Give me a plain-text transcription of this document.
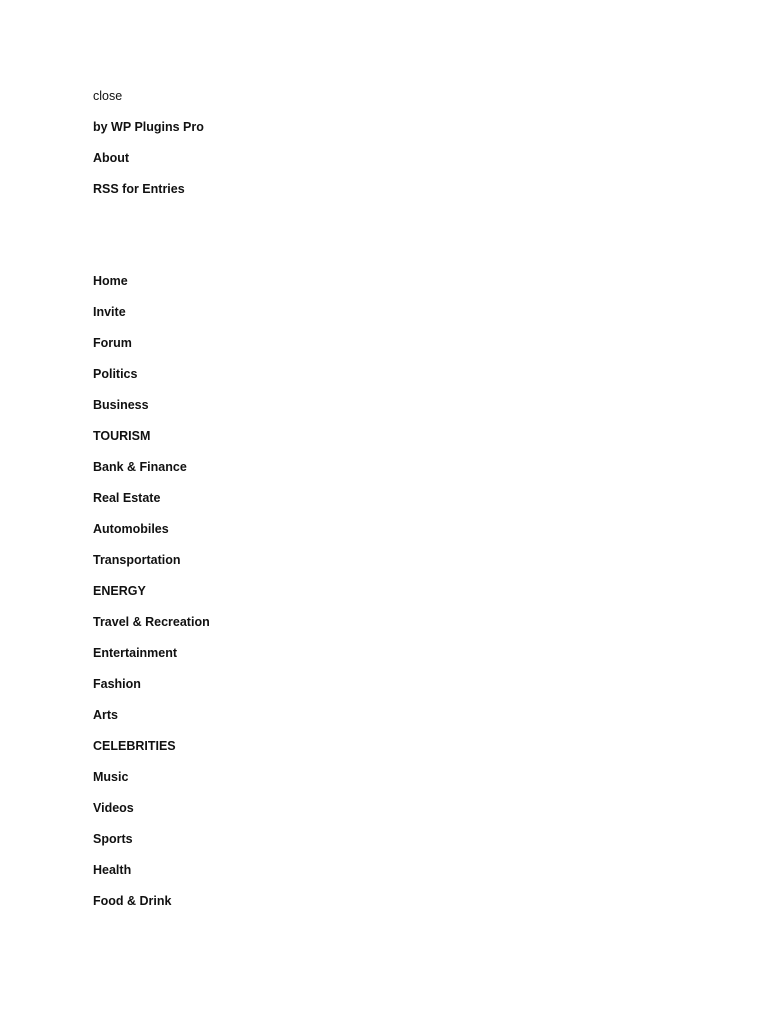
close
by WP Plugins Pro
About
RSS for Entries
Home
Invite
Forum
Politics
Business
TOURISM
Bank & Finance
Real Estate
Automobiles
Transportation
ENERGY
Travel & Recreation
Entertainment
Fashion
Arts
CELEBRITIES
Music
Videos
Sports
Health
Food & Drink
